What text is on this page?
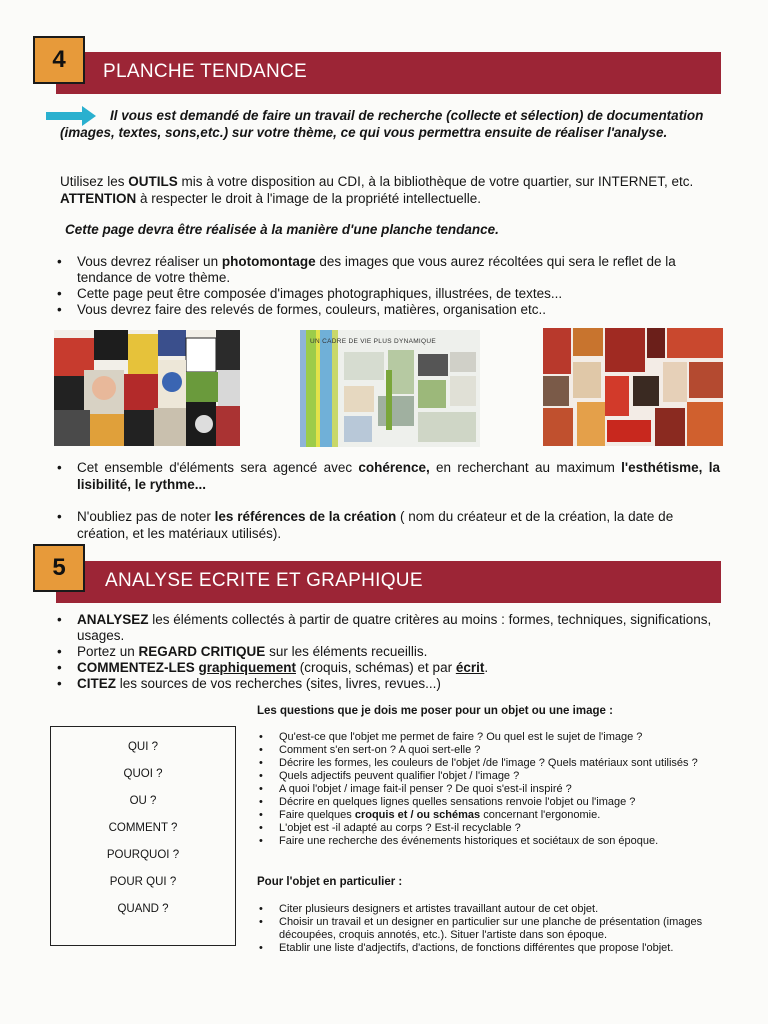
4 PLANCHE TENDANCE

Il vous est demandé de faire un travail de recherche (collecte et sélection) de documentation (images, textes, sons,etc.) sur votre thème, ce qui vous permettra ensuite de réaliser l'analyse.

Utilisez les OUTILS mis à votre disposition au CDI, à la bibliothèque de votre quartier, sur INTERNET, etc. ATTENTION à respecter le droit à l'image de la propriété intellectuelle.

Cette page devra être réalisée à la manière d'une planche tendance.

• Vous devrez réaliser un photomontage des images que vous aurez récoltées qui sera le reflet de la tendance de votre thème.
• Cette page peut être composée d'images photographiques, illustrées, de textes...
• Vous devrez faire des relevés de formes, couleurs, matières, organisation etc..
UN CADRE DE VIE PLUS DYNAMIQUE
• Cet ensemble d'éléments sera agencé avec cohérence, en recherchant au maximum l'esthétisme, la lisibilité, le rythme...
• N'oubliez pas de noter les références de la création ( nom du créateur et de la création, la date de création, et les matériaux utilisés).
5 ANALYSE ECRITE ET GRAPHIQUE
• ANALYSEZ les éléments collectés à partir de quatre critères au moins : formes, techniques, significations, usages.
• Portez un REGARD CRITIQUE sur les éléments recueillis.
• COMMENTEZ-LES graphiquement (croquis, schémas) et par écrit.
• CITEZ les sources de vos recherches (sites, livres, revues...)
QUI ?
QUOI ?
OU ?
COMMENT ?
POURQUOI ?
POUR QUI ?
QUAND ?

Les questions que je dois me poser pour un objet ou une image :

• Qu'est-ce que l'objet me permet de faire ? Ou quel est le sujet de l'image ?
• Comment s'en sert-on ? A quoi sert-elle ?
• Décrire les formes, les couleurs de l'objet /de l'image ? Quels matériaux sont utilisés ?
• Quels adjectifs peuvent qualifier l'objet / l'image ?
• A quoi l'objet / image fait-il penser ? De quoi s'est-il inspiré ?
• Décrire en quelques lignes quelles sensations renvoie l'objet ou l'image ?
• Faire quelques croquis et / ou schémas concernant l'ergonomie.
• L'objet est -il adapté au corps ? Est-il recyclable ?
• Faire une recherche des événements historiques et sociétaux de son époque.

Pour l'objet en particulier :

• Citer plusieurs designers et artistes travaillant autour de cet objet.
• Choisir un travail et un designer en particulier sur une planche de présentation (images découpées, croquis annotés, etc.). Situer l'artiste dans son époque.
• Etablir une liste d'adjectifs, d'actions, de fonctions différentes que propose l'objet.
